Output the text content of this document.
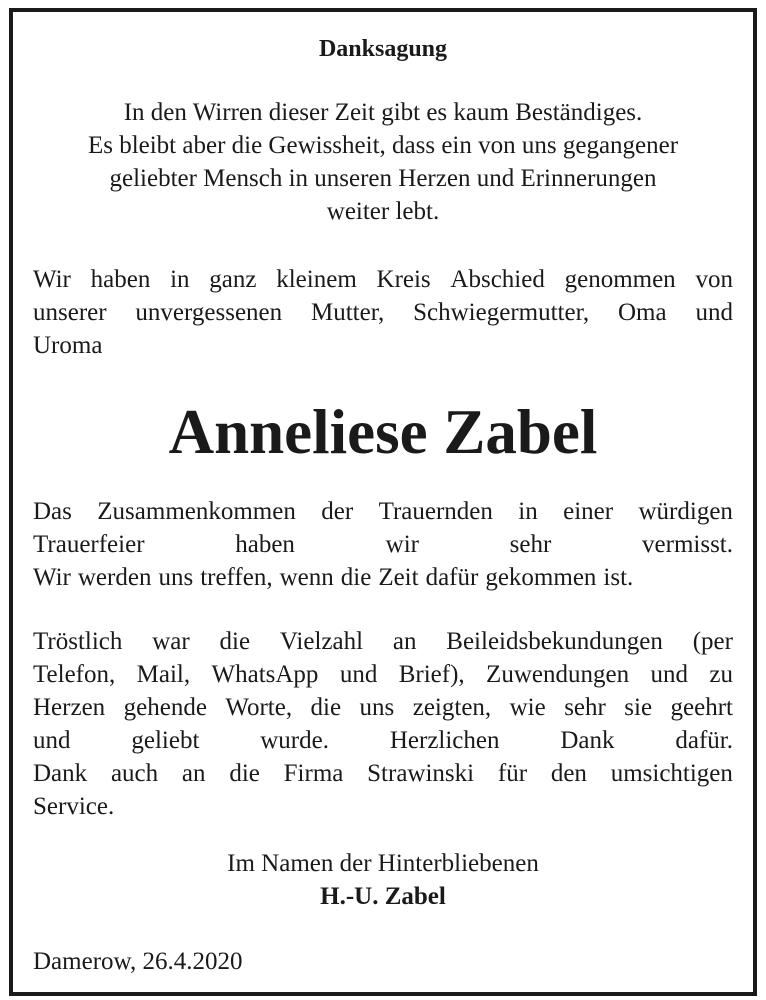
Danksagung
In den Wirren dieser Zeit gibt es kaum Beständiges.
Es bleibt aber die Gewissheit, dass ein von uns gegangener
geliebter Mensch in unseren Herzen und Erinnerungen
weiter lebt.
Wir haben in ganz kleinem Kreis Abschied genommen von
unserer unvergessenen Mutter, Schwiegermutter, Oma und
Uroma
Anneliese Zabel
Das Zusammenkommen der Trauernden in einer würdigen
Trauerfeier	haben	wir	sehr	vermisst.
Wir werden uns treffen, wenn die Zeit dafür gekommen ist.
Tröstlich war die Vielzahl an Beileidsbekundungen (per
Telefon, Mail, WhatsApp und Brief), Zuwendungen und zu
Herzen gehende Worte, die uns zeigten, wie sehr sie geehrt
und geliebt wurde. Herzlichen Dank dafür.
Dank auch an die Firma Strawinski für den umsichtigen
Service.
Im Namen der Hinterbliebenen
H.-U. Zabel
Damerow, 26.4.2020
